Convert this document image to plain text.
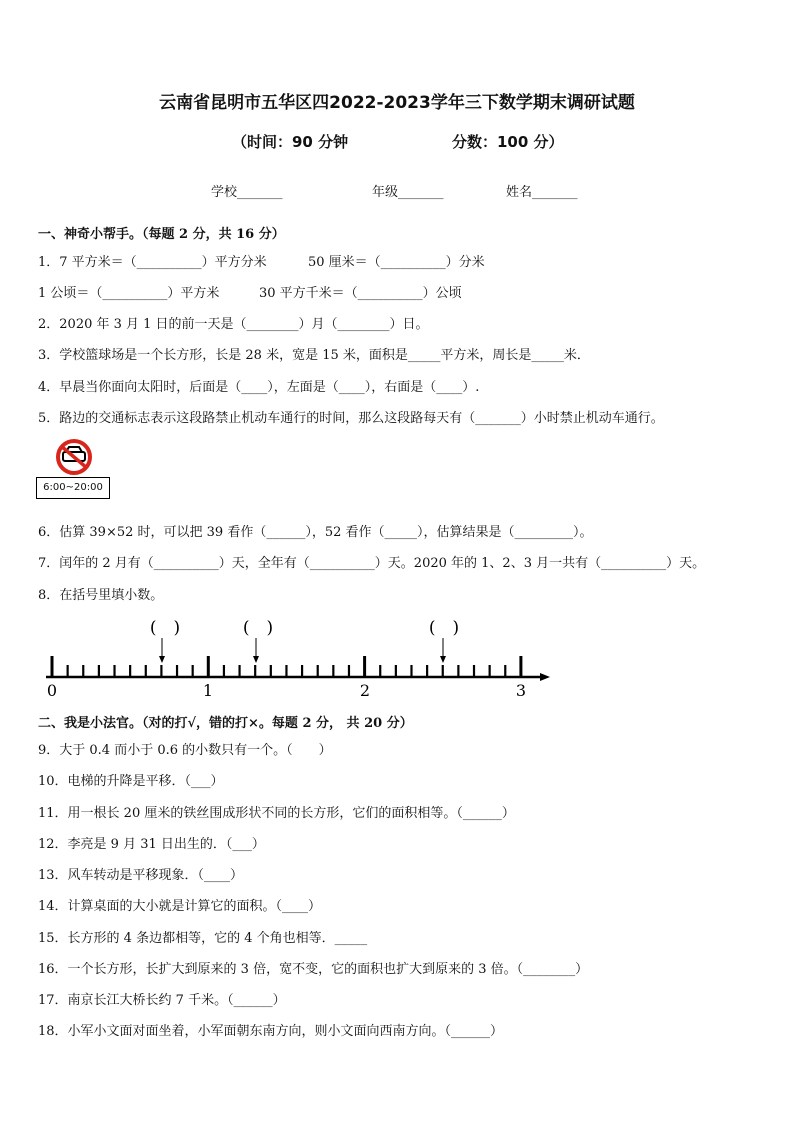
云南省昆明市五华区四2022-2023学年三下数学期末调研试题
（时间：90 分钟	分数：100 分）
学校_______	年级_______	姓名_______
一、神奇小帮手。（每题 2 分，共 16 分）
1．7 平方米＝（__________）平方分米	50 厘米＝（__________）分米
1 公顷＝（__________）平方米	30 平方千米＝（__________）公顷
2．2020 年 3 月 1 日的前一天是（________）月（________）日。
3．学校篮球场是一个长方形，长是 28 米，宽是 15 米，面积是_____平方米，周长是_____米．
4．早晨当你面向太阳时，后面是（____），左面是（____），右面是（____）.
5．路边的交通标志表示这段路禁止机动车通行的时间，那么这段路每天有（_______）小时禁止机动车通行。
6:00~20:00
6．估算 39×52 时，可以把 39 看作（______），52 看作（_____），估算结果是（_________）。
7．闰年的 2 月有（__________）天，全年有（__________）天。2020 年的 1、2、3 月一共有（__________）天。
8．在括号里填小数。
(　)	(　)	(　)
0	1	2	3
二、我是小法官。（对的打√，错的打×。每题 2 分， 共 20 分）
9．大于 0.4 而小于 0.6 的小数只有一个。（　　）
10．电梯的升降是平移．（___）
11．用一根长 20 厘米的铁丝围成形状不同的长方形，它们的面积相等。（______）
12．李亮是 9 月 31 日出生的．（___）
13．风车转动是平移现象．（____）
14．计算桌面的大小就是计算它的面积。（____）
15．长方形的 4 条边都相等，它的 4 个角也相等．_____
16．一个长方形，长扩大到原来的 3 倍，宽不变，它的面积也扩大到原来的 3 倍。（________）
17．南京长江大桥长约 7 千米。（______）
18．小军小文面对面坐着，小军面朝东南方向，则小文面向西南方向。（______）
